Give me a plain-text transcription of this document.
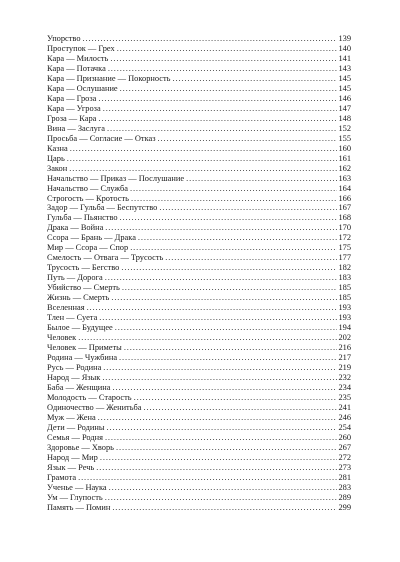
Упорство . . .	139
Проступок — Грех . . .	140
Кара — Милость . . .	141
Кара — Потачка . . .	143
Кара — Признание — Покорность . . .	145
Кара — Ослушание . . .	145
Кара — Гроза . . .	146
Кара — Угроза . . .	147
Гроза — Кара . . .	148
Вина — Заслуга . . .	152
Просьба — Согласие — Отказ . . .	155
Казна . . .	160
Царь . . .	161
Закон . . .	162
Начальство — Приказ — Послушание . . .	163
Начальство — Служба . . .	164
Строгость — Кротость . . .	166
Задор — Гульба — Беспутство . . .	167
Гульба — Пьянство . . .	168
Драка — Война . . .	170
Ссора — Брань — Драка . . .	172
Мир — Ссора — Спор . . .	175
Смелость — Отвага — Трусость . . .	177
Трусость — Бегство . . .	182
Путь — Дорога . . .	183
Убийство — Смерть . . .	185
Жизнь — Смерть . . .	185
Вселенная . . .	193
Тлен — Суета . . .	193
Былое — Будущее . . .	194
Человек . . .	202
Человек — Приметы . . .	216
Родина — Чужбина . . .	217
Русь — Родина . . .	219
Народ — Язык . . .	232
Баба — Женщина . . .	234
Молодость — Старость . . .	235
Одиночество — Женитьба . . .	241
Муж — Жена . . .	246
Дети — Родины . . .	254
Семья — Родня . . .	260
Здоровье — Хворь . . .	267
Народ — Мир . . .	272
Язык — Речь . . .	273
Грамота . . .	281
Ученье — Наука . . .	283
Ум — Глупость . . .	289
Память — Помин . . .	299
